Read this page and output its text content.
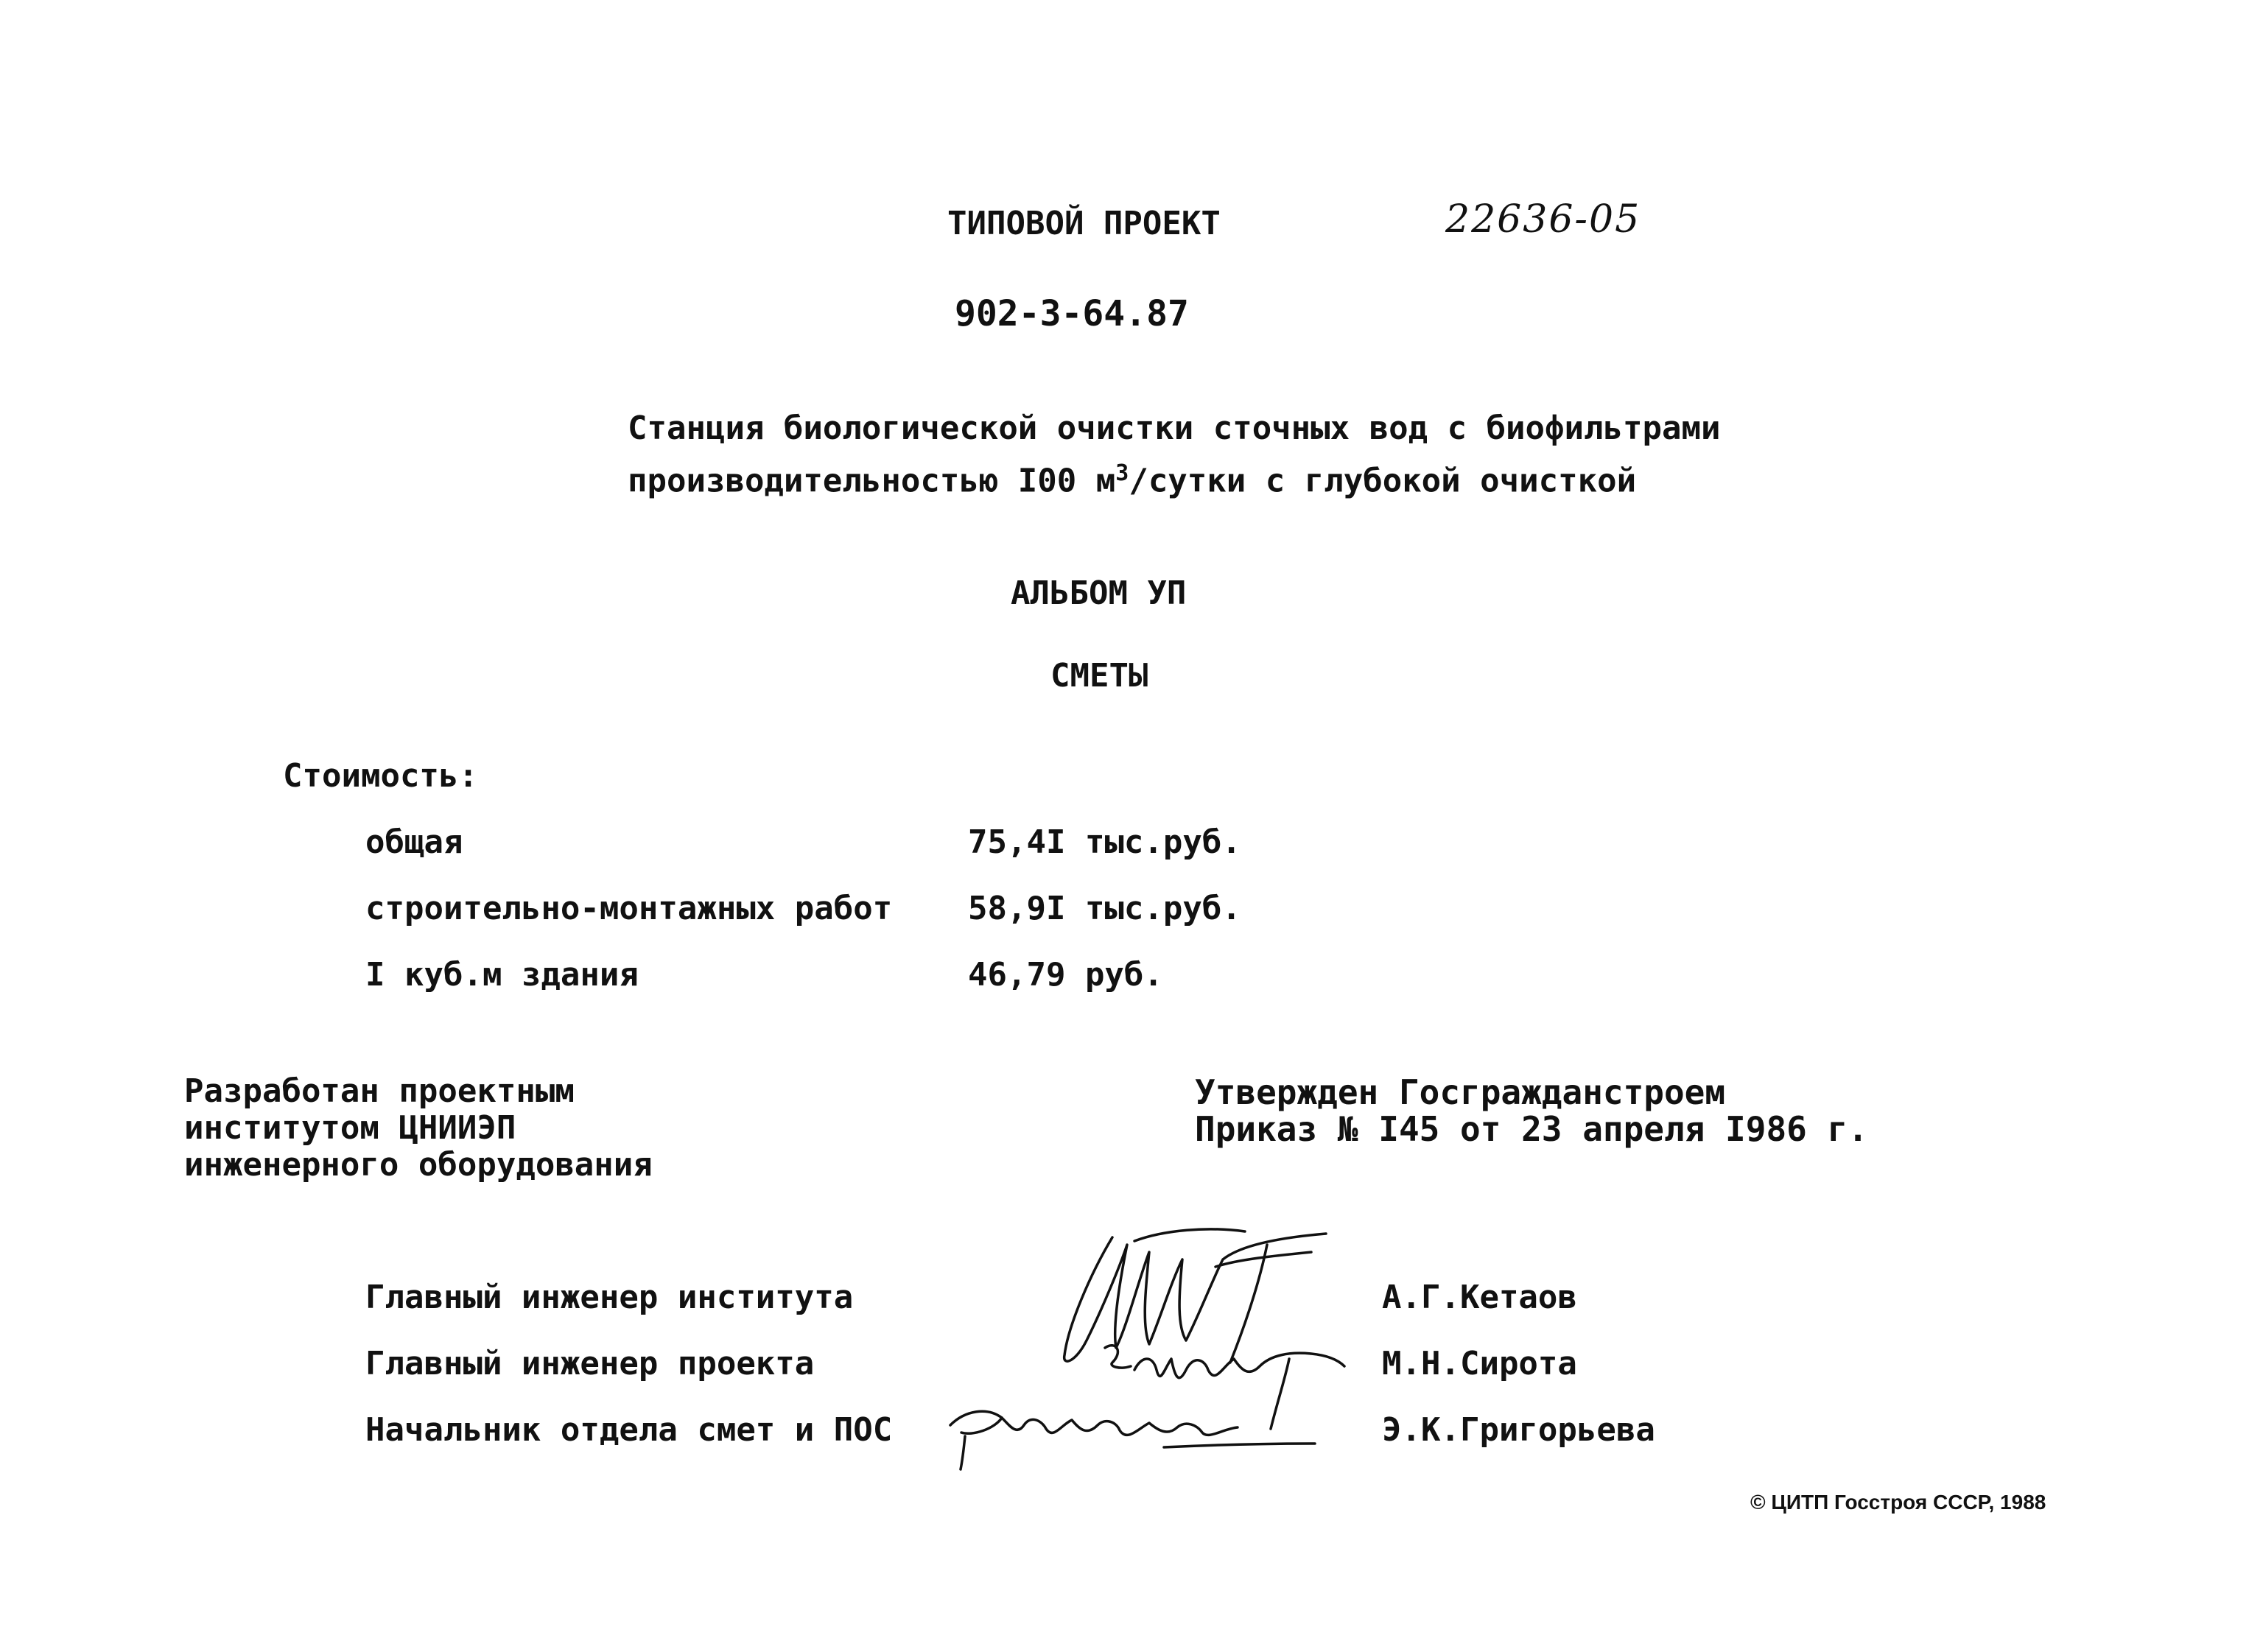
ТИПОВОЙ ПРОЕКТ	22636-05
902-3-64.87
Станция биологической очистки сточных вод с биофильтрами
производительностью I00 $м^3$/сутки с глубокой очисткой
АЛЬБОМ УП
СМЕТЫ
Стоимость:
общая	75,4I тыс.руб.
строительно-монтажных работ 58,9I тыс.руб.
I куб.м здания	46,79 руб.
Разработан проектным
институтом ЦНИИЭП
инженерного оборудования
Утвержден Госгражданстроем
Приказ № I45 от 23 апреля I986 г.
Главный инженер института	А.Г.Кетаов
Главный инженер проекта	М.Н.Сирота
Начальник отдела смет и ПОС	Э.К.Григорьева
© ЦИТП Госстроя СССР, 1988
